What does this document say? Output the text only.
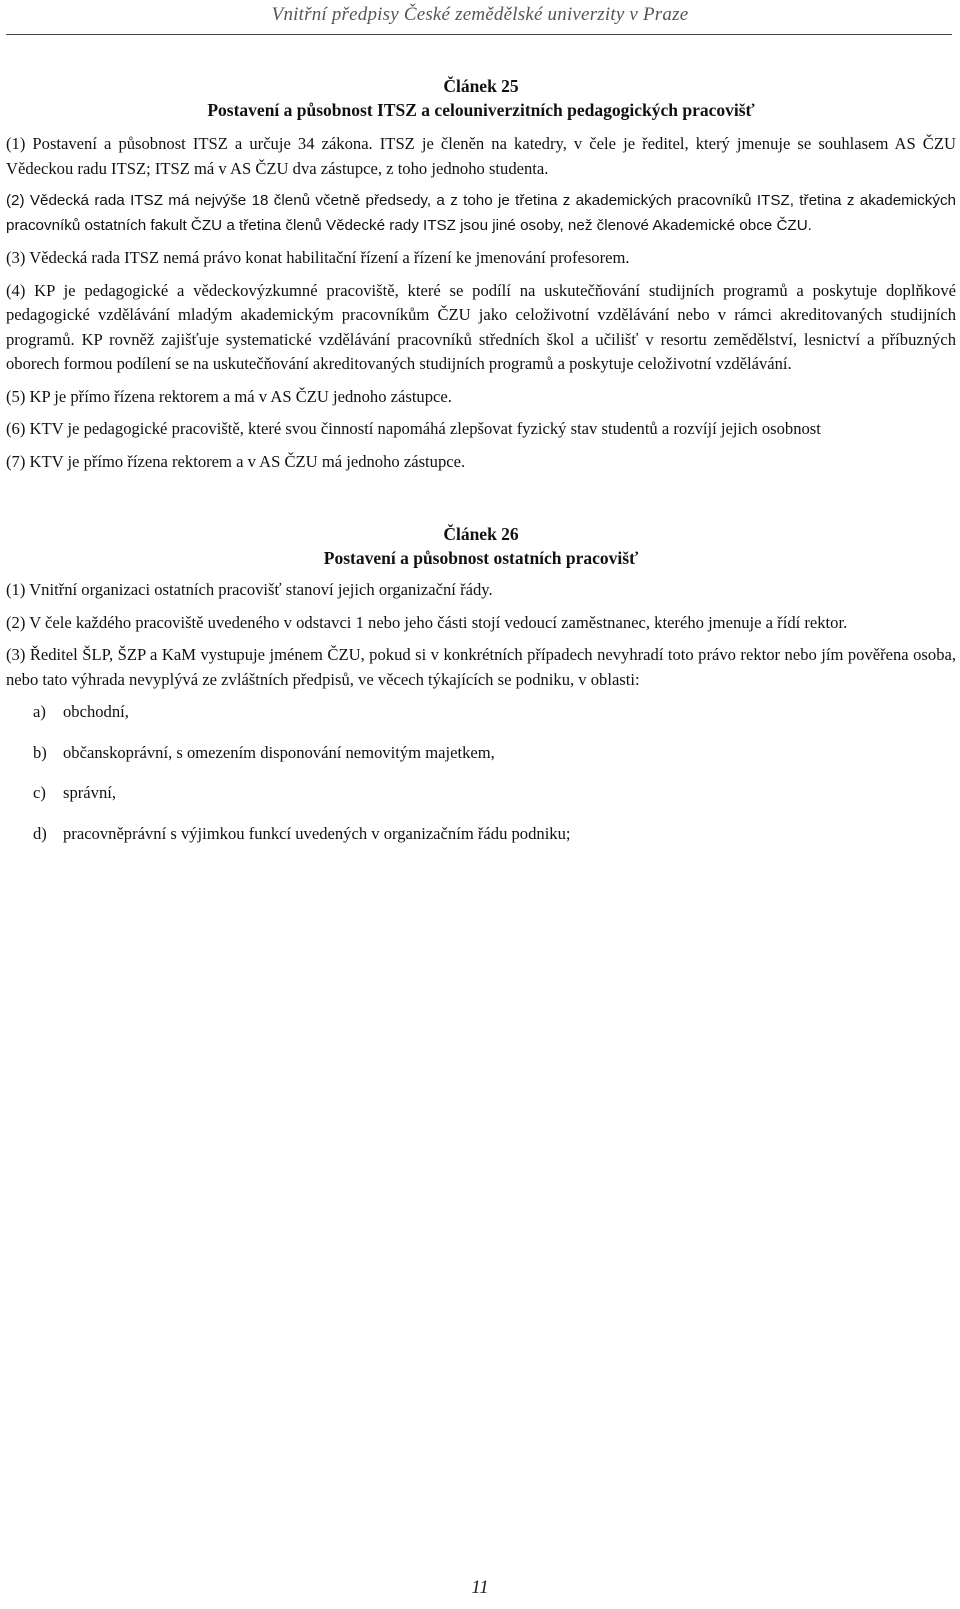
Vnitřní předpisy České zemědělské univerzity v Praze
Článek 25
Postavení a působnost ITSZ a celouniverzitních pedagogických pracovišť

(1) Postavení a působnost ITSZ a určuje 34 zákona. ITSZ je členěn na katedry, v čele je ředitel, který jmenuje se souhlasem AS ČZU Vědeckou radu ITSZ; ITSZ má v AS ČZU dva zástupce, z toho jednoho studenta.

(2) Vědecká rada ITSZ má nejvýše 18 členů včetně předsedy, a z toho je třetina z akademických pracovníků ITSZ, třetina z akademických pracovníků ostatních fakult ČZU a třetina členů Vědecké rady ITSZ jsou jiné osoby, než členové Akademické obce ČZU.

(3) Vědecká rada ITSZ nemá právo konat habilitační řízení a řízení ke jmenování profesorem.

(4) KP je pedagogické a vědeckovýzkumné pracoviště, které se podílí na uskutečňování studijních programů a poskytuje doplňkové pedagogické vzdělávání mladým akademickým pracovníkům ČZU jako celoživotní vzdělávání nebo v rámci akreditovaných studijních programů. KP rovněž zajišťuje systematické vzdělávání pracovníků středních škol a učilišť v resortu zemědělství, lesnictví a příbuzných oborech formou podílení se na uskutečňování akreditovaných studijních programů a poskytuje celoživotní vzdělávání.

(5) KP je přímo řízena rektorem a má v AS ČZU jednoho zástupce.

(6) KTV je pedagogické pracoviště, které svou činností napomáhá zlepšovat fyzický stav studentů a rozvíjí jejich osobnost

(7) KTV je přímo řízena rektorem a v AS ČZU má jednoho zástupce.

Článek 26
Postavení a působnost ostatních pracovišť

(1) Vnitřní organizaci ostatních pracovišť stanoví jejich organizační řády.

(2) V čele každého pracoviště uvedeného v odstavci 1 nebo jeho části stojí vedoucí zaměstnanec, kterého jmenuje a řídí rektor.

(3) Ředitel ŠLP, ŠZP a KaM vystupuje jménem ČZU, pokud si v konkrétních případech nevyhradí toto právo rektor nebo jím pověřena osoba, nebo tato výhrada nevyplývá ze zvláštních předpisů, ve věcech týkajících se podniku, v oblasti:

a)	obchodní,
b) občanskoprávní, s omezením disponování nemovitým majetkem,
c)	správní,
d) pracovněprávní s výjimkou funkcí uvedených v organizačním řádu podniku;
11
